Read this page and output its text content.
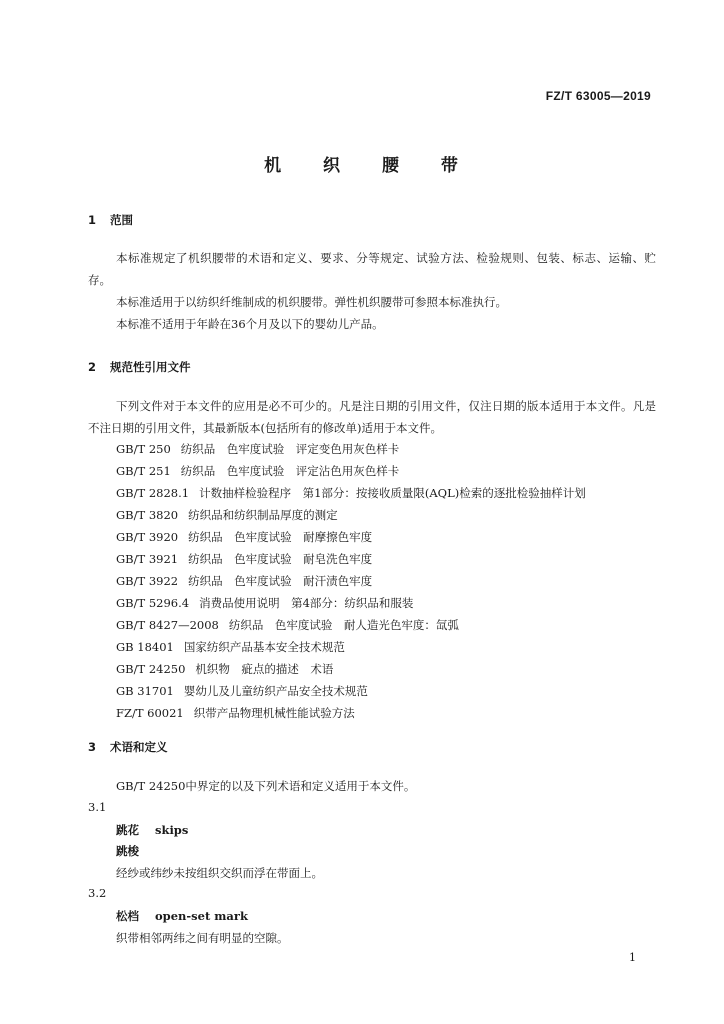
FZ/T 63005—2019
机 织 腰 带
1 范围
本标准规定了机织腰带的术语和定义、要求、分等规定、试验方法、检验规则、包装、标志、运输、贮存。
本标准适用于以纺织纤维制成的机织腰带。弹性机织腰带可参照本标准执行。
本标准不适用于年龄在36个月及以下的婴幼儿产品。
2 规范性引用文件
下列文件对于本文件的应用是必不可少的。凡是注日期的引用文件，仅注日期的版本适用于本文件。凡是不注日期的引用文件，其最新版本(包括所有的修改单)适用于本文件。
GB/T 250 纺织品　色牢度试验　评定变色用灰色样卡
GB/T 251 纺织品　色牢度试验　评定沾色用灰色样卡
GB/T 2828.1 计数抽样检验程序　第1部分：按接收质量限(AQL)检索的逐批检验抽样计划
GB/T 3820 纺织品和纺织制品厚度的测定
GB/T 3920 纺织品　色牢度试验　耐摩擦色牢度
GB/T 3921 纺织品　色牢度试验　耐皂洗色牢度
GB/T 3922 纺织品　色牢度试验　耐汗渍色牢度
GB/T 5296.4 消费品使用说明　第4部分：纺织品和服装
GB/T 8427—2008 纺织品　色牢度试验　耐人造光色牢度：氙弧
GB 18401 国家纺织产品基本安全技术规范
GB/T 24250 机织物　疵点的描述　术语
GB 31701 婴幼儿及儿童纺织产品安全技术规范
FZ/T 60021 织带产品物理机械性能试验方法
3 术语和定义
GB/T 24250中界定的以及下列术语和定义适用于本文件。
3.1
跳花 skips
跳梭
经纱或纬纱未按组织交织而浮在带面上。
3.2
松档 open-set mark
织带相邻两纬之间有明显的空隙。
1
